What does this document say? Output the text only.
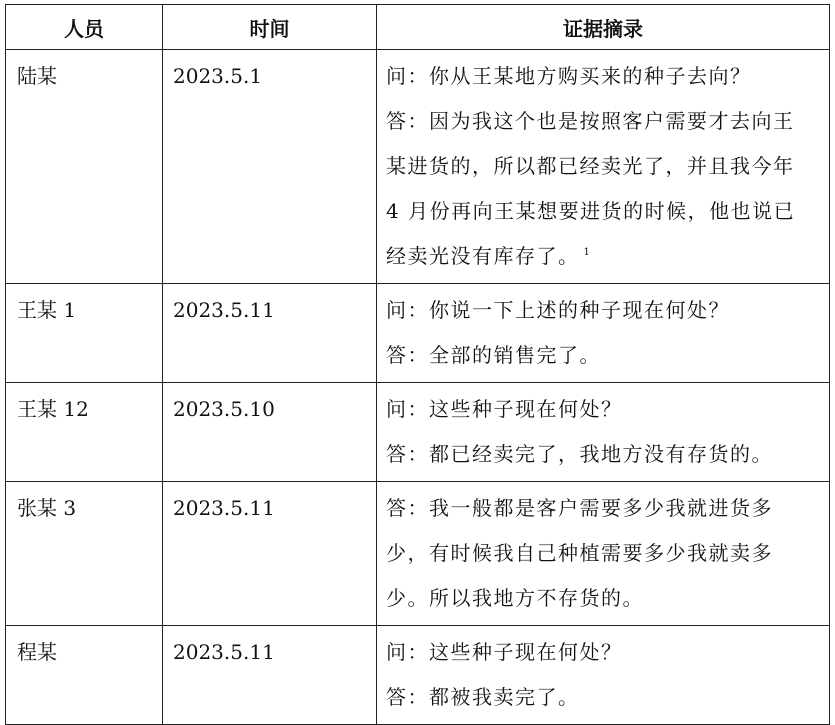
人员	时间	证据摘录
陆某	2023.5.1	问：你从王某地方购买来的种子去向？
答：因为我这个也是按照客户需要才去向王
某进货的，所以都已经卖光了，并且我今年
4 月份再向王某想要进货的时候，他也说已
经卖光没有库存了。 $^1$

王某 1	2023.5.11	问：你说一下上述的种子现在何处？
答：全部的销售完了。

王某 12	2023.5.10	问：这些种子现在何处？
答：都已经卖完了，我地方没有存货的。

张某 3	2023.5.11	答：我一般都是客户需要多少我就进货多
少，有时候我自己种植需要多少我就卖多
少。所以我地方不存货的。

程某	2023.5.11	问：这些种子现在何处？
答：都被我卖完了。
